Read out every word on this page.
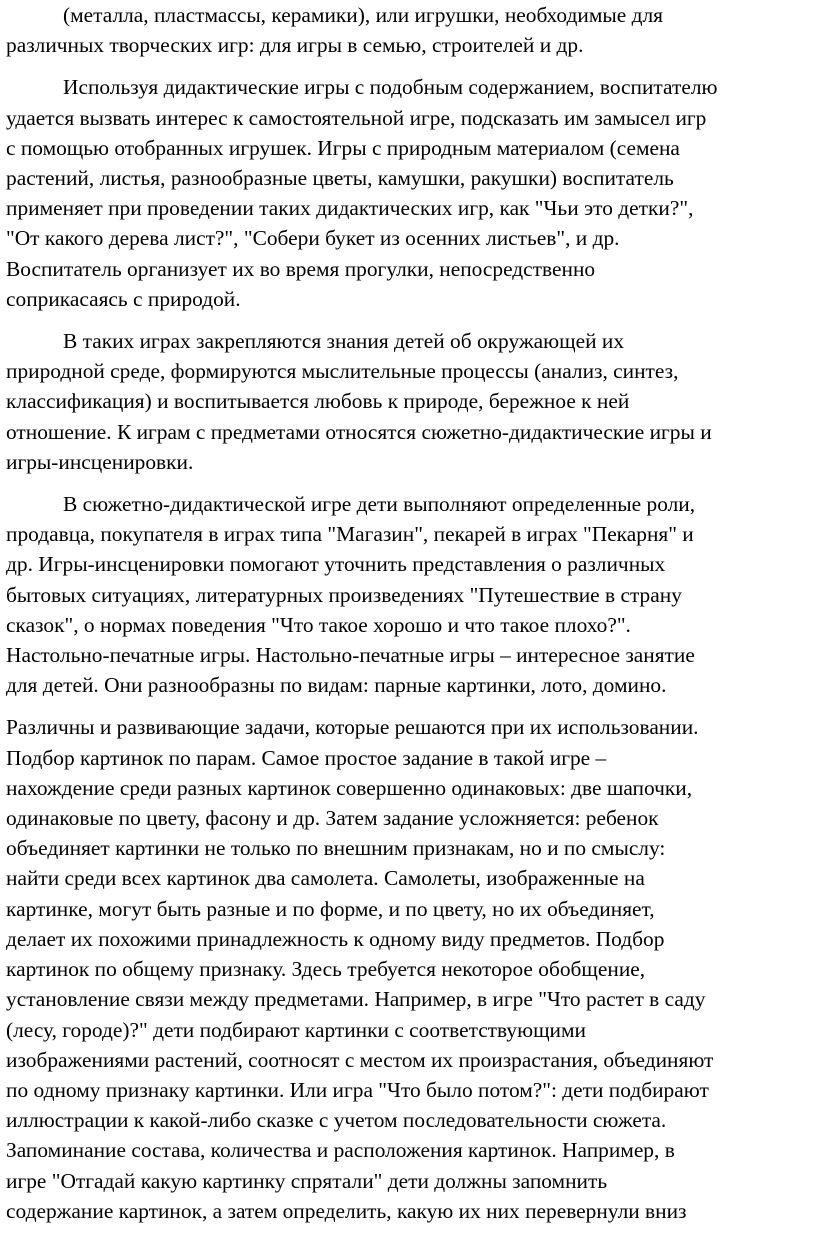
(металла, пластмассы, керамики), или игрушки, необходимые для
различных творческих игр: для игры в семью, строителей и др.

Используя дидактические игры с подобным содержанием, воспитателю
удается вызвать интерес к самостоятельной игре, подсказать им замысел игр
с помощью отобранных игрушек. Игры с природным материалом (семена
растений, листья, разнообразные цветы, камушки, ракушки) воспитатель
применяет при проведении таких дидактических игр, как "Чьи это детки?",
"От какого дерева лист?", "Собери букет из осенних листьев", и др.
Воспитатель организует их во время прогулки, непосредственно
соприкасаясь с природой.

В таких играх закрепляются знания детей об окружающей их
природной среде, формируются мыслительные процессы (анализ, синтез,
классификация) и воспитывается любовь к природе, бережное к ней
отношение. К играм с предметами относятся сюжетно-дидактические игры и
игры-инсценировки.

В сюжетно-дидактической игре дети выполняют определенные роли,
продавца, покупателя в играх типа "Магазин", пекарей в играх "Пекарня" и
др. Игры-инсценировки помогают уточнить представления о различных
бытовых ситуациях, литературных произведениях "Путешествие в страну
сказок", о нормах поведения "Что такое хорошо и что такое плохо?".
Настольно-печатные игры. Настольно-печатные игры – интересное занятие
для детей. Они разнообразны по видам: парные картинки, лото, домино.

Различны и развивающие задачи, которые решаются при их использовании.
Подбор картинок по парам. Самое простое задание в такой игре –
нахождение среди разных картинок совершенно одинаковых: две шапочки,
одинаковые по цвету, фасону и др. Затем задание усложняется: ребенок
объединяет картинки не только по внешним признакам, но и по смыслу:
найти среди всех картинок два самолета. Самолеты, изображенные на
картинке, могут быть разные и по форме, и по цвету, но их объединяет,
делает их похожими принадлежность к одному виду предметов. Подбор
картинок по общему признаку. Здесь требуется некоторое обобщение,
установление связи между предметами. Например, в игре "Что растет в саду
(лесу, городе)?" дети подбирают картинки с соответствующими
изображениями растений, соотносят с местом их произрастания, объединяют
по одному признаку картинки. Или игра "Что было потом?": дети подбирают
иллюстрации к какой-либо сказке с учетом последовательности сюжета.
Запоминание состава, количества и расположения картинок. Например, в
игре "Отгадай какую картинку спрятали" дети должны запомнить
содержание картинок, а затем определить, какую их них перевернули вниз
